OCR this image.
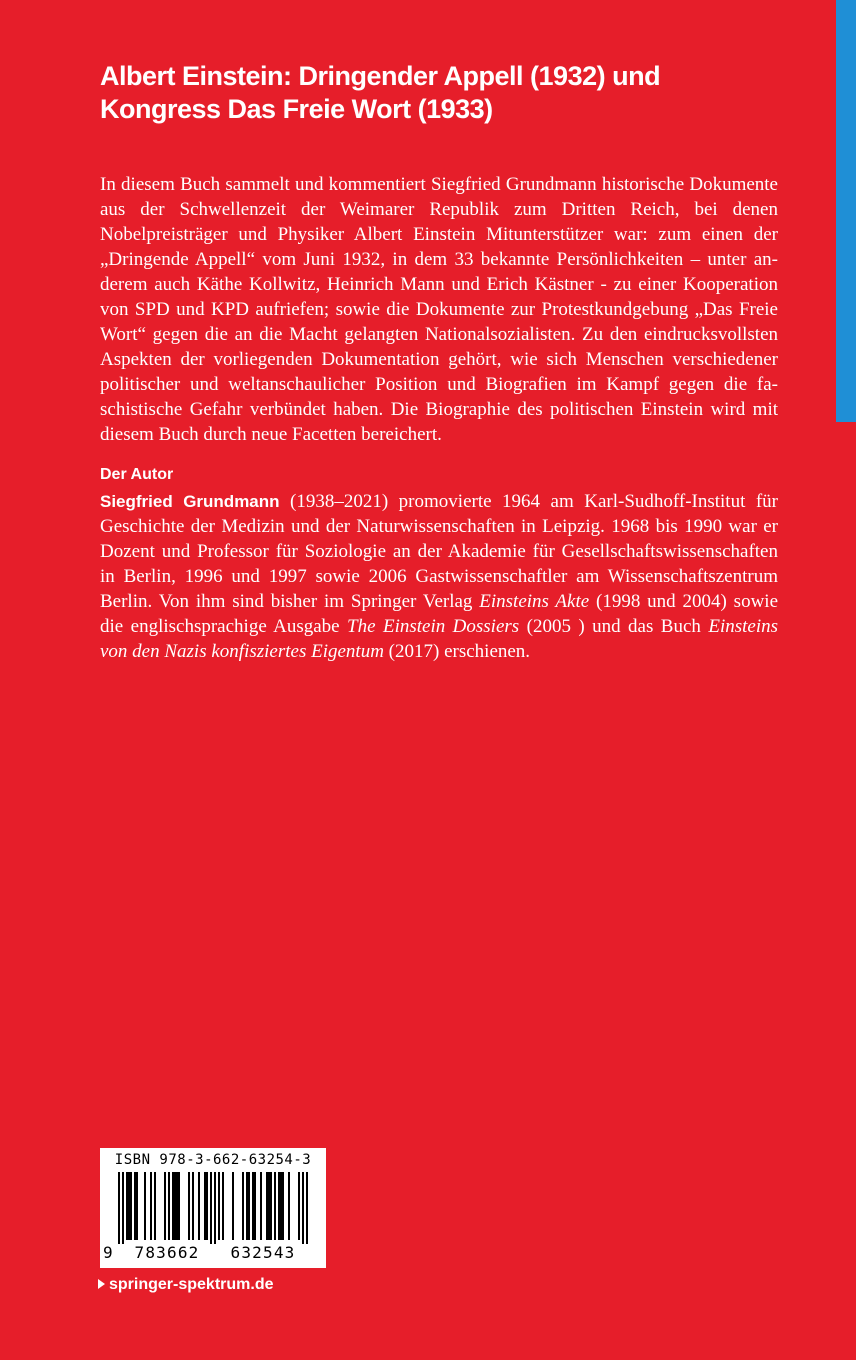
Albert Einstein: Dringender Appell (1932) und Kongress Das Freie Wort (1933)

In diesem Buch sammelt und kommentiert Siegfried Grundmann historische Dokumente aus der Schwellenzeit der Weimarer Republik zum Dritten Reich, bei denen Nobelpreisträger und Physiker Albert Einstein Mitunterstützer war: zum einen der „Dringende Appell“ vom Juni 1932, in dem 33 bekannte Persönlichkeiten – unter anderem auch Käthe Kollwitz, Heinrich Mann und Erich Kästner - zu einer Kooperation von SPD und KPD aufriefen; sowie die Dokumente zur Protestkundgebung „Das Freie Wort“ gegen die an die Macht gelangten Nationalsozialisten. Zu den eindrucksvollsten Aspekten der vorliegenden Dokumentation gehört, wie sich Menschen verschiedener politischer und weltanschaulicher Position und Biografien im Kampf gegen die faschistische Gefahr verbündet haben. Die Biographie des politischen Einstein wird mit diesem Buch durch neue Facetten bereichert.

Der Autor

Siegfried Grundmann (1938–2021) promovierte 1964 am Karl-Sudhoff-Institut für Geschichte der Medizin und der Naturwissenschaften in Leipzig. 1968 bis 1990 war er Dozent und Professor für Soziologie an der Akademie für Gesellschaftswissenschaften in Berlin, 1996 und 1997 sowie 2006 Gastwissenschaftler am Wissenschaftszentrum Berlin. Von ihm sind bisher im Springer Verlag Einsteins Akte (1998 und 2004) sowie die englischsprachige Ausgabe The Einstein Dossiers (2005 ) und das Buch Einsteins von den Nazis konfisziertes Eigentum (2017) erschienen.

ISBN 978-3-662-63254-3
9	783662	632543
springer-spektrum.de
